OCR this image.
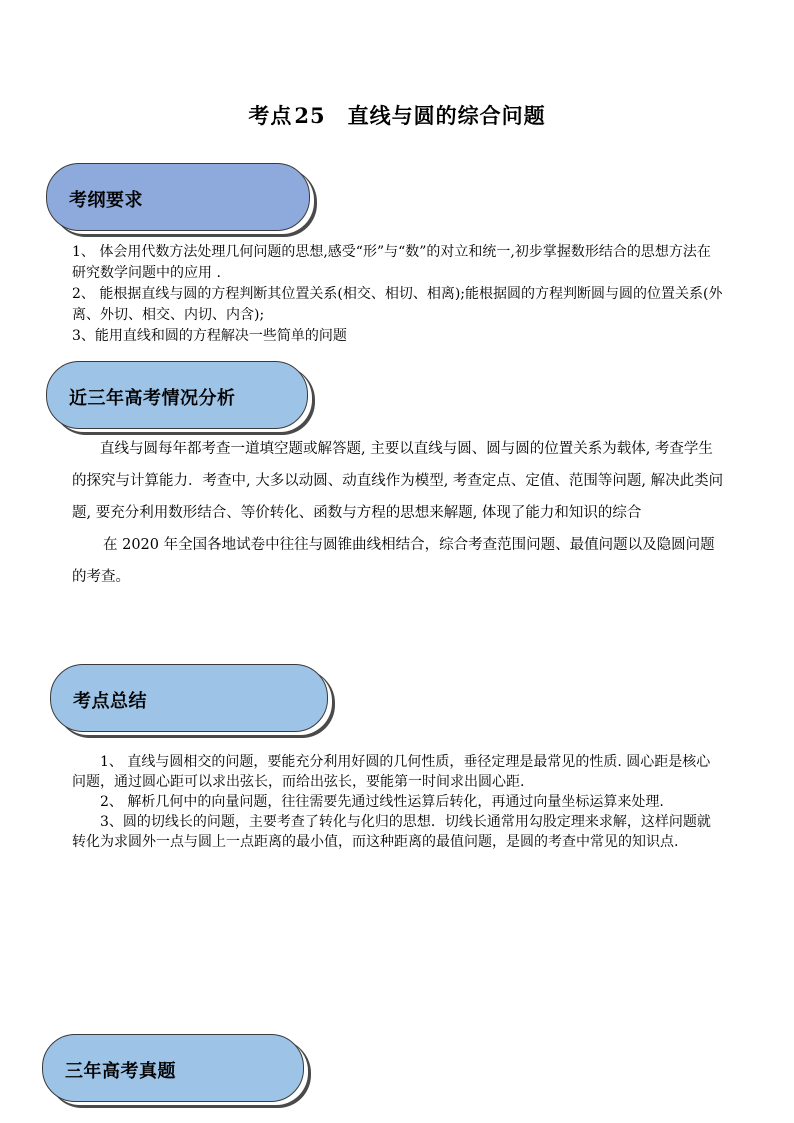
考点25 直线与圆的综合问题
考纲要求

1、 体会用代数方法处理几何问题的思想,感受“形”与“数”的对立和统一,初步掌握数形结合的思想方法在研究数学问题中的应用 .

2、 能根据直线与圆的方程判断其位置关系(相交、相切、相离);能根据圆的方程判断圆与圆的位置关系(外离、外切、相交、内切、内含);

3、能用直线和圆的方程解决一些简单的问题

近三年高考情况分析

直线与圆每年都考查一道填空题或解答题, 主要以直线与圆、圆与圆的位置关系为载体, 考查学生的探究与计算能力．考查中, 大多以动圆、动直线作为模型, 考查定点、定值、范围等问题, 解决此类问题, 要充分利用数形结合、等价转化、函数与方程的思想来解题, 体现了能力和知识的综合

在 2020 年全国各地试卷中往往与圆锥曲线相结合，综合考查范围问题、最值问题以及隐圆问题的考查。

考点总结

1、 直线与圆相交的问题，要能充分利用好圆的几何性质，垂径定理是最常见的性质. 圆心距是核心问题，通过圆心距可以求出弦长，而给出弦长，要能第一时间求出圆心距.

2、 解析几何中的向量问题，往往需要先通过线性运算后转化，再通过向量坐标运算来处理.

3、圆的切线长的问题，主要考查了转化与化归的思想．切线长通常用勾股定理来求解，这样问题就转化为求圆外一点与圆上一点距离的最小值，而这种距离的最值问题，是圆的考查中常见的知识点.

三年高考真题
